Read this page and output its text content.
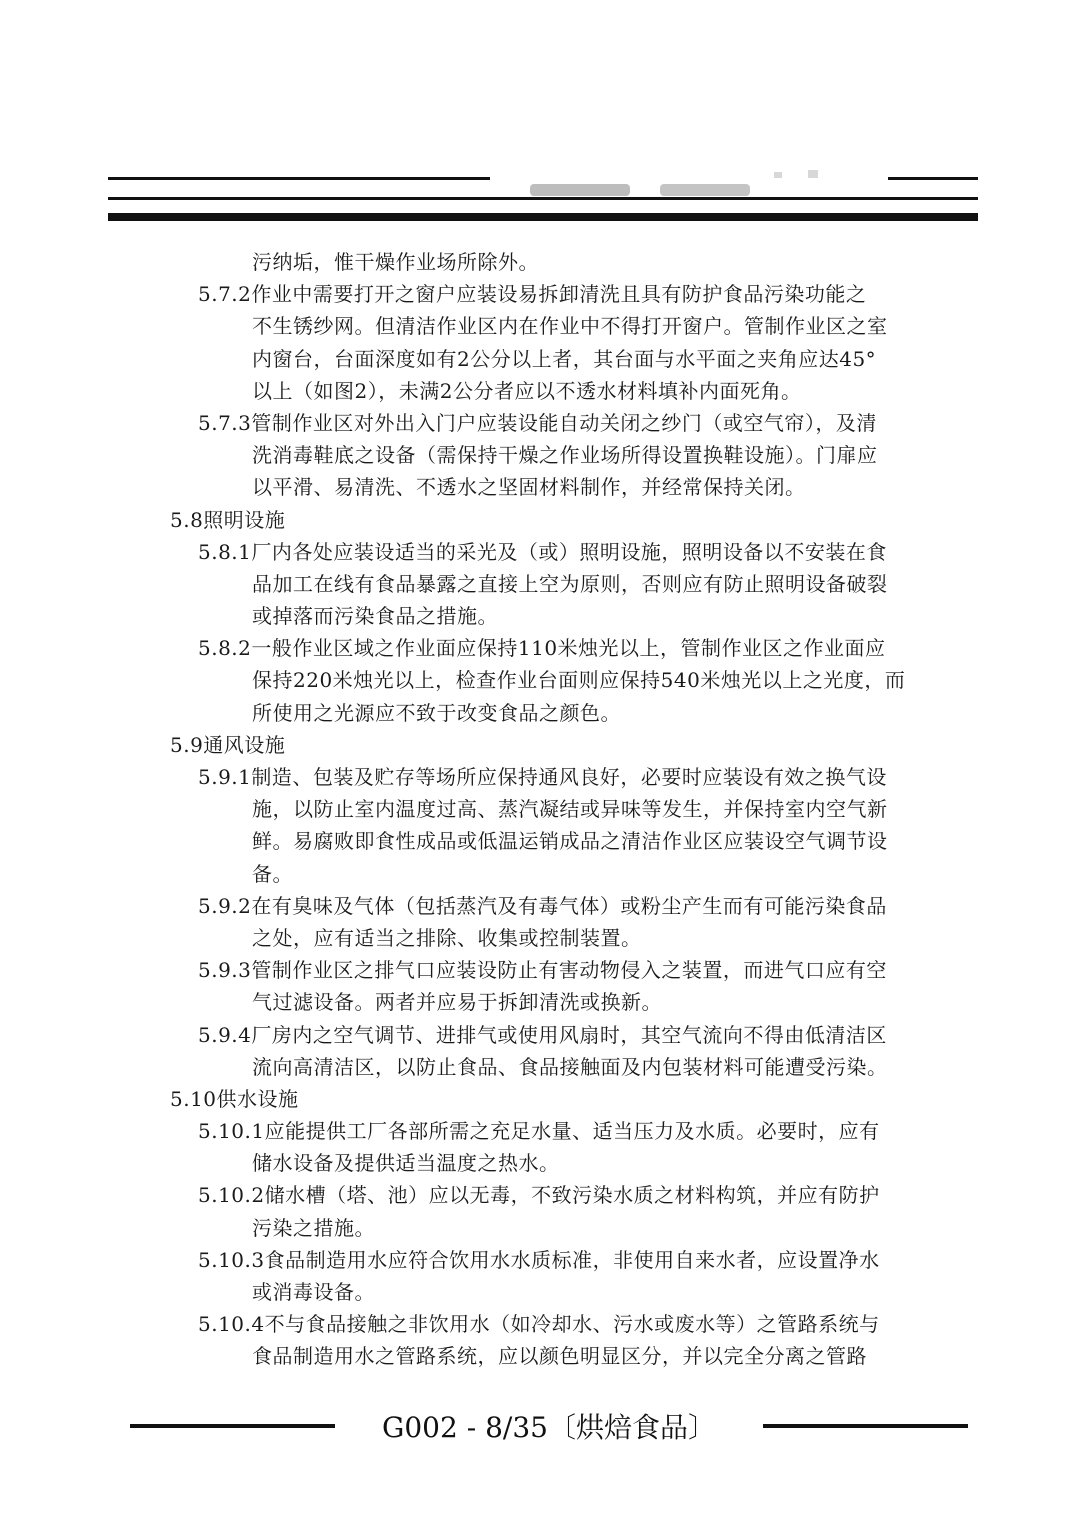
污纳垢，惟干燥作业场所除外。
5.7.2作业中需要打开之窗户应装设易拆卸清洗且具有防护食品污染功能之
不生锈纱网。但清洁作业区内在作业中不得打开窗户。管制作业区之室
内窗台，台面深度如有2公分以上者，其台面与水平面之夹角应达45°
以上（如图2），未满2公分者应以不透水材料填补内面死角。
5.7.3管制作业区对外出入门户应装设能自动关闭之纱门（或空气帘），及清
洗消毒鞋底之设备（需保持干燥之作业场所得设置换鞋设施）。门扉应
以平滑、易清洗、不透水之坚固材料制作，并经常保持关闭。
5.8照明设施
5.8.1厂内各处应装设适当的采光及（或）照明设施，照明设备以不安装在食
品加工在线有食品暴露之直接上空为原则，否则应有防止照明设备破裂
或掉落而污染食品之措施。
5.8.2一般作业区域之作业面应保持110米烛光以上，管制作业区之作业面应
保持220米烛光以上，检查作业台面则应保持540米烛光以上之光度，而
所使用之光源应不致于改变食品之颜色。
5.9通风设施
5.9.1制造、包装及贮存等场所应保持通风良好，必要时应装设有效之换气设
施，以防止室内温度过高、蒸汽凝结或异味等发生，并保持室内空气新
鲜。易腐败即食性成品或低温运销成品之清洁作业区应装设空气调节设
备。
5.9.2在有臭味及气体（包括蒸汽及有毒气体）或粉尘产生而有可能污染食品
之处，应有适当之排除、收集或控制装置。
5.9.3管制作业区之排气口应装设防止有害动物侵入之装置，而进气口应有空
气过滤设备。两者并应易于拆卸清洗或换新。
5.9.4厂房内之空气调节、进排气或使用风扇时，其空气流向不得由低清洁区
流向高清洁区，以防止食品、食品接触面及内包装材料可能遭受污染。
5.10供水设施
5.10.1应能提供工厂各部所需之充足水量、适当压力及水质。必要时，应有
储水设备及提供适当温度之热水。
5.10.2储水槽（塔、池）应以无毒，不致污染水质之材料构筑，并应有防护
污染之措施。
5.10.3食品制造用水应符合饮用水水质标准，非使用自来水者，应设置净水
或消毒设备。
5.10.4不与食品接触之非饮用水（如冷却水、污水或废水等）之管路系统与
食品制造用水之管路系统，应以颜色明显区分，并以完全分离之管路
G002 - 8/35〔烘焙食品〕
